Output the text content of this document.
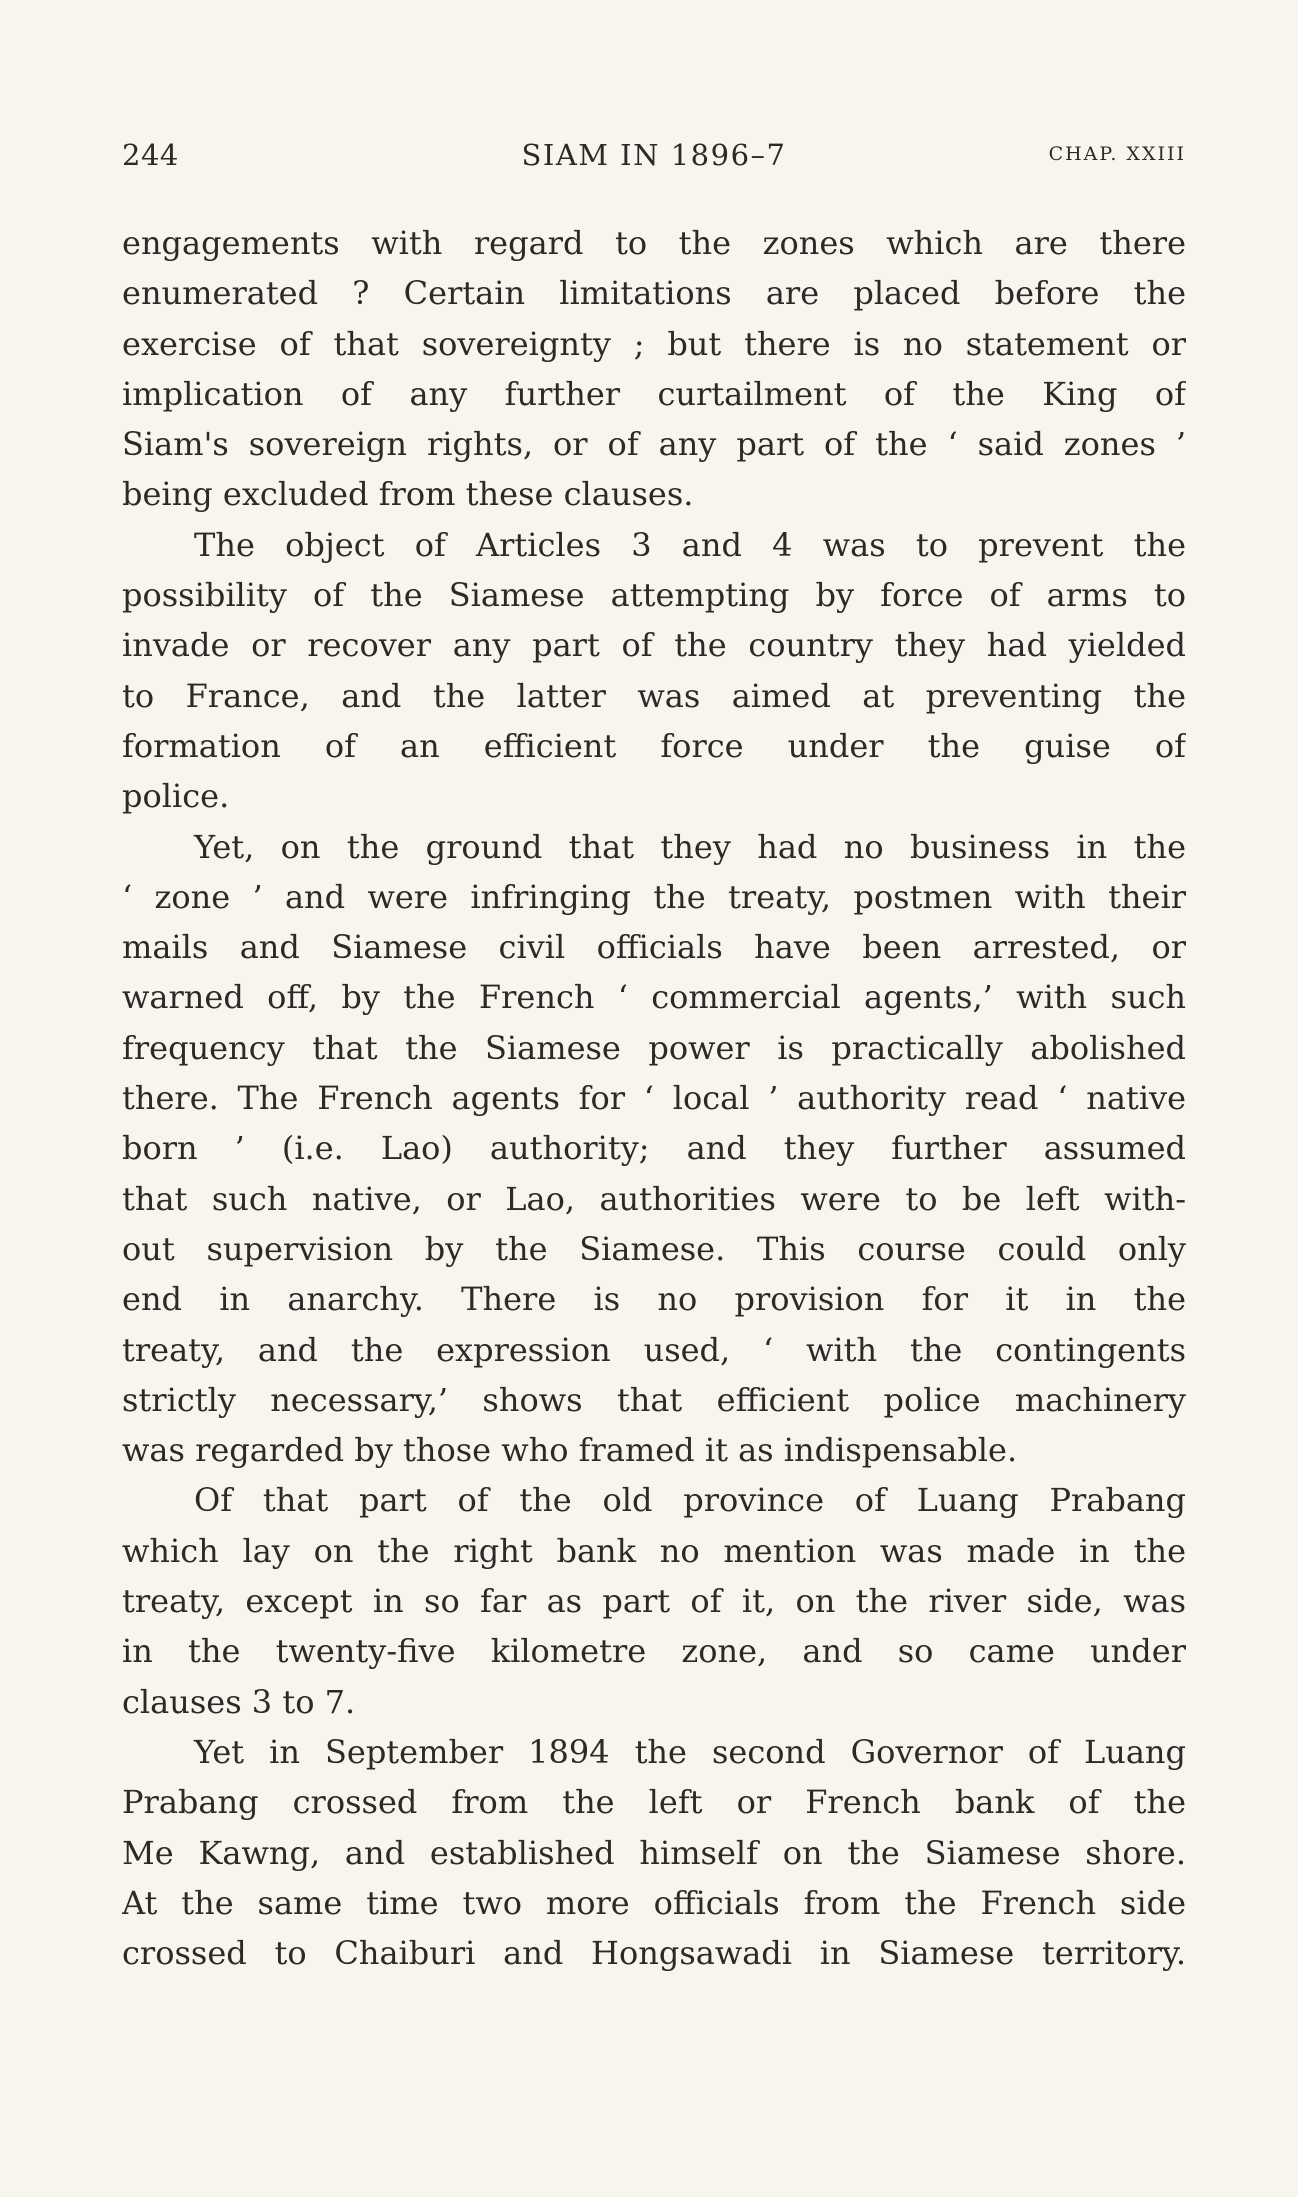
244	SIAM IN 1896–7	CHAP. XXIII
engagements with regard to the zones which are there
enumerated ? Certain limitations are placed before the
exercise of that sovereignty ; but there is no statement or
implication of any further curtailment of the King of
Siam's sovereign rights, or of any part of the ‘ said zones ’
being excluded from these clauses.
The object of Articles 3 and 4 was to prevent the
possibility of the Siamese attempting by force of arms to
invade or recover any part of the country they had yielded
to France, and the latter was aimed at preventing the
formation of an efficient force under the guise of
police.
Yet, on the ground that they had no business in the
‘ zone ’ and were infringing the treaty, postmen with their
mails and Siamese civil officials have been arrested, or
warned off, by the French ‘ commercial agents,’ with such
frequency that the Siamese power is practically abolished
there. The French agents for ‘ local ’ authority read ‘ native
born ’ (i.e. Lao) authority; and they further assumed
that such native, or Lao, authorities were to be left with-
out supervision by the Siamese. This course could only
end in anarchy. There is no provision for it in the
treaty, and the expression used, ‘ with the contingents
strictly necessary,’ shows that efficient police machinery
was regarded by those who framed it as indispensable.
Of that part of the old province of Luang Prabang
which lay on the right bank no mention was made in the
treaty, except in so far as part of it, on the river side, was
in the twenty-five kilometre zone, and so came under
clauses 3 to 7.
Yet in September 1894 the second Governor of Luang
Prabang crossed from the left or French bank of the
Me Kawng, and established himself on the Siamese shore.
At the same time two more officials from the French side
crossed to Chaiburi and Hongsawadi in Siamese territory.
